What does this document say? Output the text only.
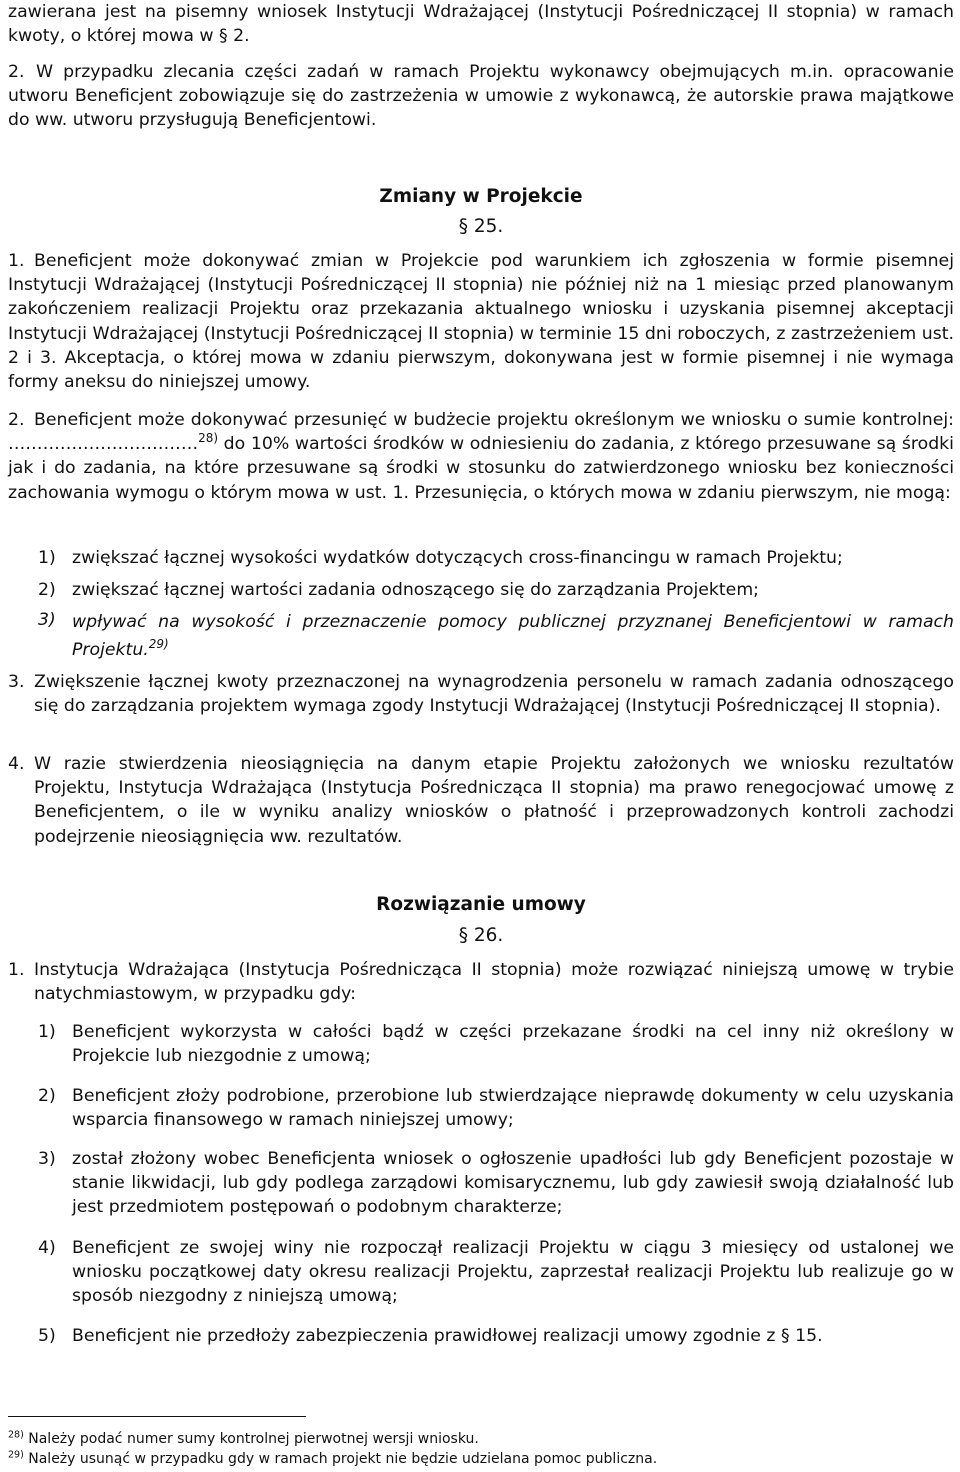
zawierana jest na pisemny wniosek Instytucji Wdrażającej (Instytucji Pośredniczącej II stopnia) w ramach kwoty, o której mowa w § 2.

2. W przypadku zlecania części zadań w ramach Projektu wykonawcy obejmujących m.in. opracowanie utworu Beneficjent zobowiązuje się do zastrzeżenia w umowie z wykonawcą, że autorskie prawa majątkowe do ww. utworu przysługują Beneficjentowi.

Zmiany w Projekcie

§ 25.

1. Beneficjent może dokonywać zmian w Projekcie pod warunkiem ich zgłoszenia w formie pisemnej Instytucji Wdrażającej (Instytucji Pośredniczącej II stopnia) nie później niż na 1 miesiąc przed planowanym zakończeniem realizacji Projektu oraz przekazania aktualnego wniosku i uzyskania pisemnej akceptacji Instytucji Wdrażającej (Instytucji Pośredniczącej II stopnia) w terminie 15 dni roboczych, z zastrzeżeniem ust. 2 i 3. Akceptacja, o której mowa w zdaniu pierwszym, dokonywana jest w formie pisemnej i nie wymaga formy aneksu do niniejszej umowy.

2. Beneficjent może dokonywać przesunięć w budżecie projektu określonym we wniosku o sumie kontrolnej: ……………………………$^{28)}$ do 10% wartości środków w odniesieniu do zadania, z którego przesuwane są środki jak i do zadania, na które przesuwane są środki w stosunku do zatwierdzonego wniosku bez konieczności zachowania wymogu o którym mowa w ust. 1. Przesunięcia, o których mowa w zdaniu pierwszym, nie mogą:

1) zwiększać łącznej wysokości wydatków dotyczących cross-financingu w ramach Projektu;

2) zwiększać łącznej wartości zadania odnoszącego się do zarządzania Projektem;

3) wpływać na wysokość i przeznaczenie pomocy publicznej przyznanej Beneficjentowi w ramach Projektu.$^{29)}$

3. Zwiększenie łącznej kwoty przeznaczonej na wynagrodzenia personelu w ramach zadania odnoszącego się do zarządzania projektem wymaga zgody Instytucji Wdrażającej (Instytucji Pośredniczącej II stopnia).

4. W razie stwierdzenia nieosiągnięcia na danym etapie Projektu założonych we wniosku rezultatów Projektu, Instytucja Wdrażająca (Instytucja Pośrednicząca II stopnia) ma prawo renegocjować umowę z Beneficjentem, o ile w wyniku analizy wniosków o płatność i przeprowadzonych kontroli zachodzi podejrzenie nieosiągnięcia ww. rezultatów.

Rozwiązanie umowy

§ 26.

1. Instytucja Wdrażająca (Instytucja Pośrednicząca II stopnia) może rozwiązać niniejszą umowę w trybie natychmiastowym, w przypadku gdy:

1) Beneficjent wykorzysta w całości bądź w części przekazane środki na cel inny niż określony w Projekcie lub niezgodnie z umową;

2) Beneficjent złoży podrobione, przerobione lub stwierdzające nieprawdę dokumenty w celu uzyskania wsparcia finansowego w ramach niniejszej umowy;

3) został złożony wobec Beneficjenta wniosek o ogłoszenie upadłości lub gdy Beneficjent pozostaje w stanie likwidacji, lub gdy podlega zarządowi komisarycznemu, lub gdy zawiesił swoją działalność lub jest przedmiotem postępowań o podobnym charakterze;

4) Beneficjent ze swojej winy nie rozpoczął realizacji Projektu w ciągu 3 miesięcy od ustalonej we wniosku początkowej daty okresu realizacji Projektu, zaprzestał realizacji Projektu lub realizuje go w sposób niezgodny z niniejszą umową;

5) Beneficjent nie przedłoży zabezpieczenia prawidłowej realizacji umowy zgodnie z § 15.

$^{28)}$ Należy podać numer sumy kontrolnej pierwotnej wersji wniosku.

$^{29)}$ Należy usunąć w przypadku gdy w ramach projekt nie będzie udzielana pomoc publiczna.
